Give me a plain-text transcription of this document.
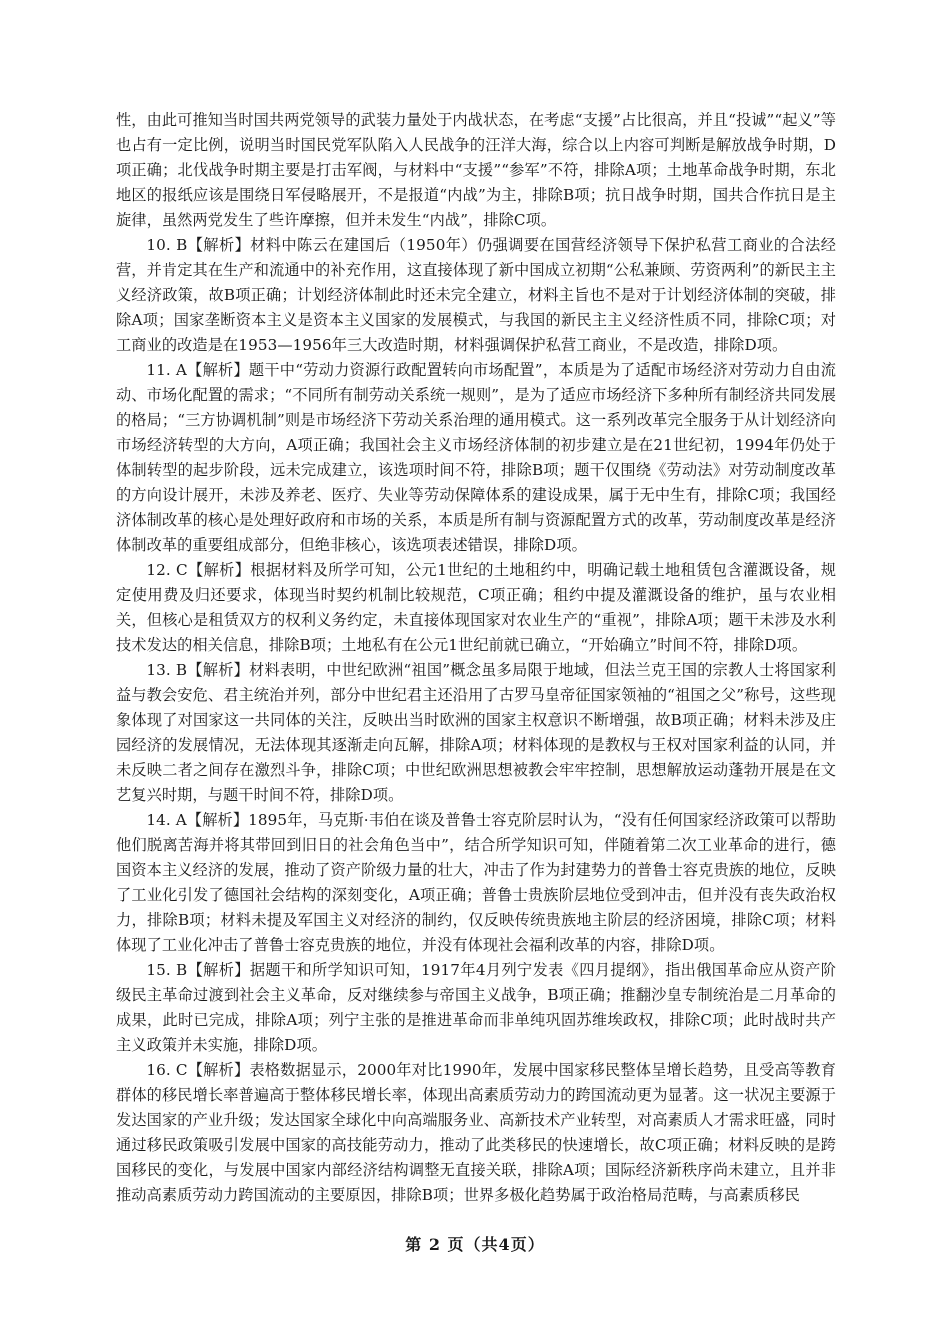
性，由此可推知当时国共两党领导的武装力量处于内战状态，在考虑“支援”占比很高，并且“投诚”“起义”等也占有一定比例，说明当时国民党军队陷入人民战争的汪洋大海，综合以上内容可判断是解放战争时期，D项正确；北伐战争时期主要是打击军阀，与材料中“支援”“参军”不符，排除A项；土地革命战争时期，东北地区的报纸应该是围绕日军侵略展开，不是报道“内战”为主，排除B项；抗日战争时期，国共合作抗日是主旋律，虽然两党发生了些许摩擦，但并未发生“内战”，排除C项。

10. B【解析】材料中陈云在建国后（1950年）仍强调要在国营经济领导下保护私营工商业的合法经营，并肯定其在生产和流通中的补充作用，这直接体现了新中国成立初期“公私兼顾、劳资两利”的新民主主义经济政策，故B项正确；计划经济体制此时还未完全建立，材料主旨也不是对于计划经济体制的突破，排除A项；国家垄断资本主义是资本主义国家的发展模式，与我国的新民主主义经济性质不同，排除C项；对工商业的改造是在1953—1956年三大改造时期，材料强调保护私营工商业，不是改造，排除D项。

11. A【解析】题干中“劳动力资源行政配置转向市场配置”，本质是为了适配市场经济对劳动力自由流动、市场化配置的需求；“不同所有制劳动关系统一规则”，是为了适应市场经济下多种所有制经济共同发展的格局；“三方协调机制”则是市场经济下劳动关系治理的通用模式。这一系列改革完全服务于从计划经济向市场经济转型的大方向，A项正确；我国社会主义市场经济体制的初步建立是在21世纪初，1994年仍处于体制转型的起步阶段，远未完成建立，该选项时间不符，排除B项；题干仅围绕《劳动法》对劳动制度改革的方向设计展开，未涉及养老、医疗、失业等劳动保障体系的建设成果，属于无中生有，排除C项；我国经济体制改革的核心是处理好政府和市场的关系，本质是所有制与资源配置方式的改革，劳动制度改革是经济体制改革的重要组成部分，但绝非核心，该选项表述错误，排除D项。

12. C【解析】根据材料及所学可知，公元1世纪的土地租约中，明确记载土地租赁包含灌溉设备，规定使用费及归还要求，体现当时契约机制比较规范，C项正确；租约中提及灌溉设备的维护，虽与农业相关，但核心是租赁双方的权利义务约定，未直接体现国家对农业生产的“重视”，排除A项；题干未涉及水利技术发达的相关信息，排除B项；土地私有在公元1世纪前就已确立，“开始确立”时间不符，排除D项。

13. B【解析】材料表明，中世纪欧洲“祖国”概念虽多局限于地域，但法兰克王国的宗教人士将国家利益与教会安危、君主统治并列，部分中世纪君主还沿用了古罗马皇帝征国家领袖的“祖国之父”称号，这些现象体现了对国家这一共同体的关注，反映出当时欧洲的国家主权意识不断增强，故B项正确；材料未涉及庄园经济的发展情况，无法体现其逐渐走向瓦解，排除A项；材料体现的是教权与王权对国家利益的认同，并未反映二者之间存在激烈斗争，排除C项；中世纪欧洲思想被教会牢牢控制，思想解放运动蓬勃开展是在文艺复兴时期，与题干时间不符，排除D项。

14. A【解析】1895年，马克斯·韦伯在谈及普鲁士容克阶层时认为，“没有任何国家经济政策可以帮助他们脱离苦海并将其带回到旧日的社会角色当中”，结合所学知识可知，伴随着第二次工业革命的进行，德国资本主义经济的发展，推动了资产阶级力量的壮大，冲击了作为封建势力的普鲁士容克贵族的地位，反映了工业化引发了德国社会结构的深刻变化，A项正确；普鲁士贵族阶层地位受到冲击，但并没有丧失政治权力，排除B项；材料未提及军国主义对经济的制约，仅反映传统贵族地主阶层的经济困境，排除C项；材料体现了工业化冲击了普鲁士容克贵族的地位，并没有体现社会福利改革的内容，排除D项。

15. B【解析】据题干和所学知识可知，1917年4月列宁发表《四月提纲》，指出俄国革命应从资产阶级民主革命过渡到社会主义革命，反对继续参与帝国主义战争，B项正确；推翻沙皇专制统治是二月革命的成果，此时已完成，排除A项；列宁主张的是推进革命而非单纯巩固苏维埃政权，排除C项；此时战时共产主义政策并未实施，排除D项。

16. C【解析】表格数据显示，2000年对比1990年，发展中国家移民整体呈增长趋势，且受高等教育群体的移民增长率普遍高于整体移民增长率，体现出高素质劳动力的跨国流动更为显著。这一状况主要源于发达国家的产业升级；发达国家全球化中向高端服务业、高新技术产业转型，对高素质人才需求旺盛，同时通过移民政策吸引发展中国家的高技能劳动力，推动了此类移民的快速增长，故C项正确；材料反映的是跨国移民的变化，与发展中国家内部经济结构调整无直接关联，排除A项；国际经济新秩序尚未建立，且并非推动高素质劳动力跨国流动的主要原因，排除B项；世界多极化趋势属于政治格局范畴，与高素质移民

第 2 页（共4页）
